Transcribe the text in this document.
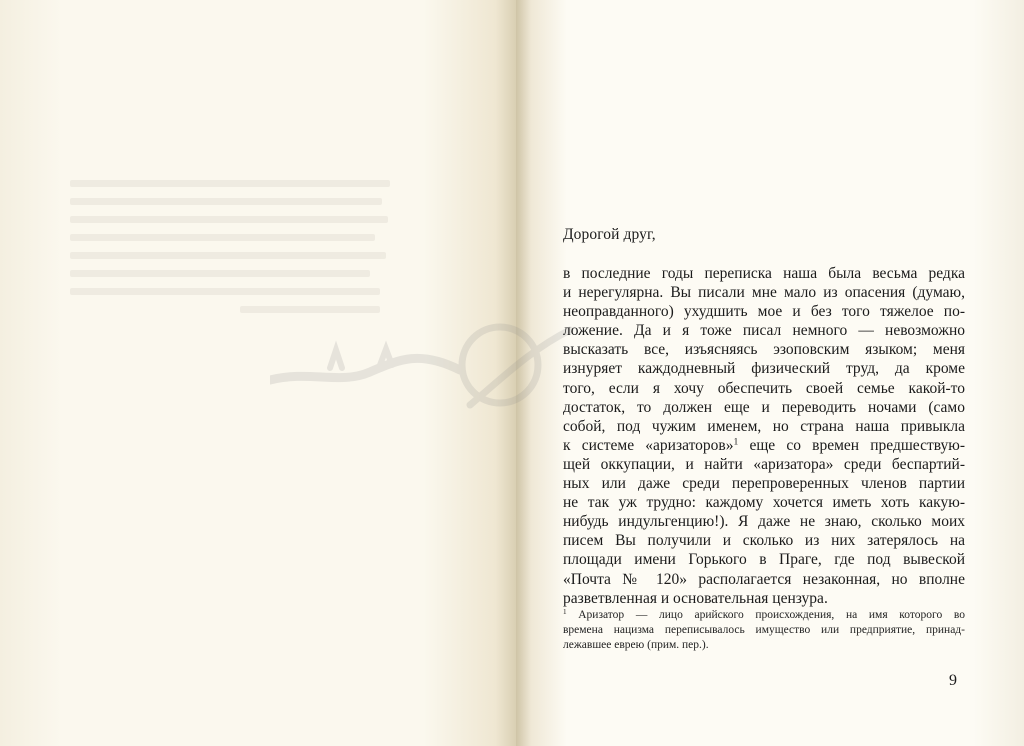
Дорогой друг,
в последние годы переписка наша была весьма редка
и нерегулярна. Вы писали мне мало из опасения (думаю,
неоправданного) ухудшить мое и без того тяжелое по-
ложение. Да и я тоже писал немного — невозможно
высказать все, изъясняясь эзоповским языком; меня
изнуряет каждодневный физический труд, да кроме
того, если я хочу обеспечить своей семье какой-то
достаток, то должен еще и переводить ночами (само
собой, под чужим именем, но страна наша привыкла
к системе «аризаторов»$^1$ еще со времен предшествую-
щей оккупации, и найти «аризатора» среди беспартий-
ных или даже среди перепроверенных членов партии
не так уж трудно: каждому хочется иметь хоть какую-
нибудь индульгенцию!). Я даже не знаю, сколько моих
писем Вы получили и сколько из них затерялось на
площади имени Горького в Праге, где под вывеской
«Почта № 120» располагается незаконная, но вполне
разветвленная и основательная цензура.
$^1$ Аризатор — лицо арийского происхождения, на имя которого во
времена нацизма переписывалось имущество или предприятие, принад-
лежавшее еврею (прим. пер.).
9
